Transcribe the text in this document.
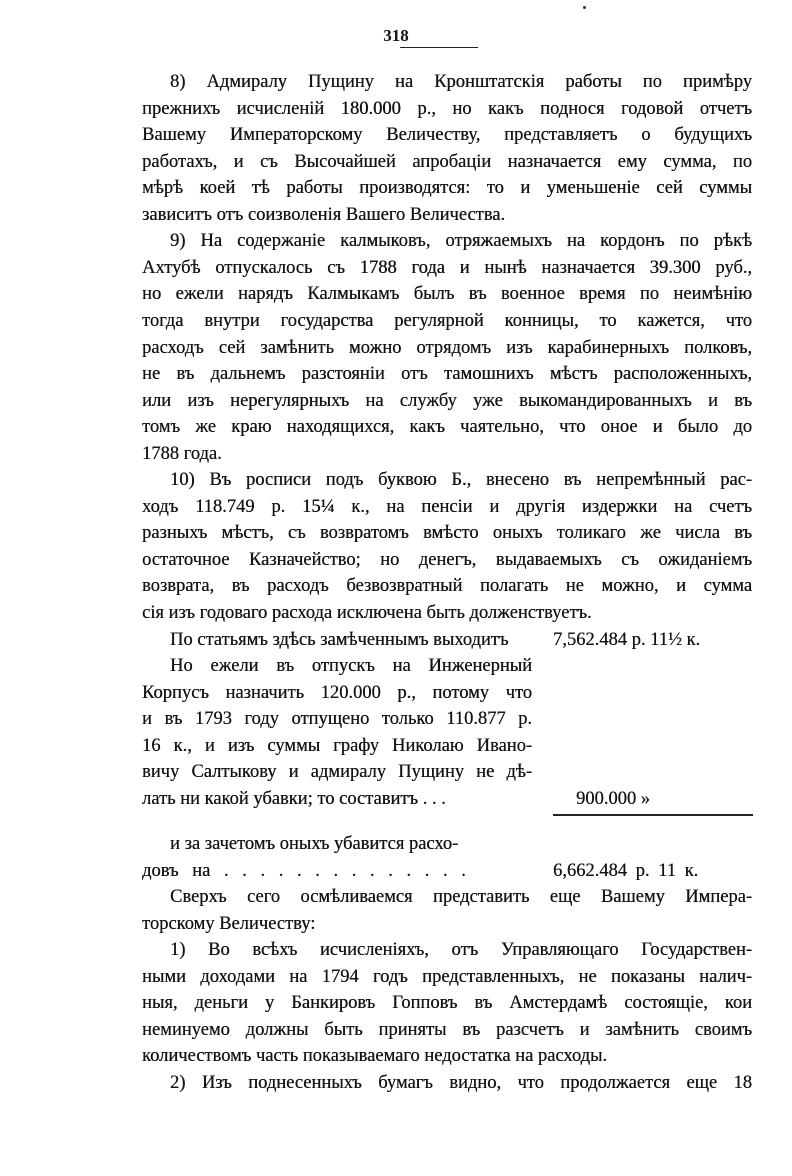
318
8) Адмиралу Пущину на Кронштатскія работы по примѣру
прежнихъ исчисленій 180.000 р., но какъ поднося годовой отчетъ
Вашему Императорскому Величеству, представляетъ о будущихъ
работахъ, и съ Высочайшей апробаціи назначается ему сумма, по
мѣрѣ коей тѣ работы производятся: то и уменьшеніе сей суммы
зависитъ отъ соизволенія Вашего Величества.
9) На содержаніе калмыковъ, отряжаемыхъ на кордонъ по рѣкѣ
Ахтубѣ отпускалось съ 1788 года и нынѣ назначается 39.300 руб.,
но ежели нарядъ Калмыкамъ былъ въ военное время по неимѣнію
тогда внутри государства регулярной конницы, то кажется, что
расходъ сей замѣнить можно отрядомъ изъ карабинерныхъ полковъ,
не въ дальнемъ разстояніи отъ тамошнихъ мѣстъ расположенныхъ,
или изъ нерегулярныхъ на службу уже выкомандированныхъ и въ
томъ же краю находящихся, какъ чаятельно, что оное и было до
1788 года.
10) Въ росписи подъ буквою Б., внесено въ непремѣнный рас-
ходъ 118.749 р. 15¼ к., на пенсіи и другія издержки на счетъ
разныхъ мѣстъ, съ возвратомъ вмѣсто оныхъ толикаго же числа въ
остаточное Казначейство; но денегъ, выдаваемыхъ съ ожиданіемъ
возврата, въ расходъ безвозвратный полагать не можно, и сумма
сія изъ годоваго расхода исключена быть долженствуетъ.
По статьямъ здѣсь замѣченнымъ выходитъ	7,562.484 р. 11½ к.
Но ежели въ отпускъ на Инженерный
Корпусъ назначить 120.000 р., потому что
и въ 1793 году отпущено только 110.877 р.
16 к., и изъ суммы графу Николаю Ивано-
вичу Салтыкову и адмиралу Пущину не дѣ-
лать ни какой убавки; то составитъ . . .	900.000 »
и за зачетомъ оныхъ убавится расхо-
довъ на . . . . . . . . . . . . . .	6,662.484 р. 11 к.
Сверхъ сего осмѣливаемся представить еще Вашему Импера-
торскому Величеству:
1) Во всѣхъ исчисленіяхъ, отъ Управляющаго Государствен-
ными доходами на 1794 годъ представленныхъ, не показаны налич-
ныя, деньги у Банкировъ Гопповъ въ Амстердамѣ состоящіе, кои
неминуемо должны быть приняты въ разсчетъ и замѣнить своимъ
количествомъ часть показываемаго недостатка на расходы.
2) Изъ поднесенныхъ бумагъ видно, что продолжается еще 18
